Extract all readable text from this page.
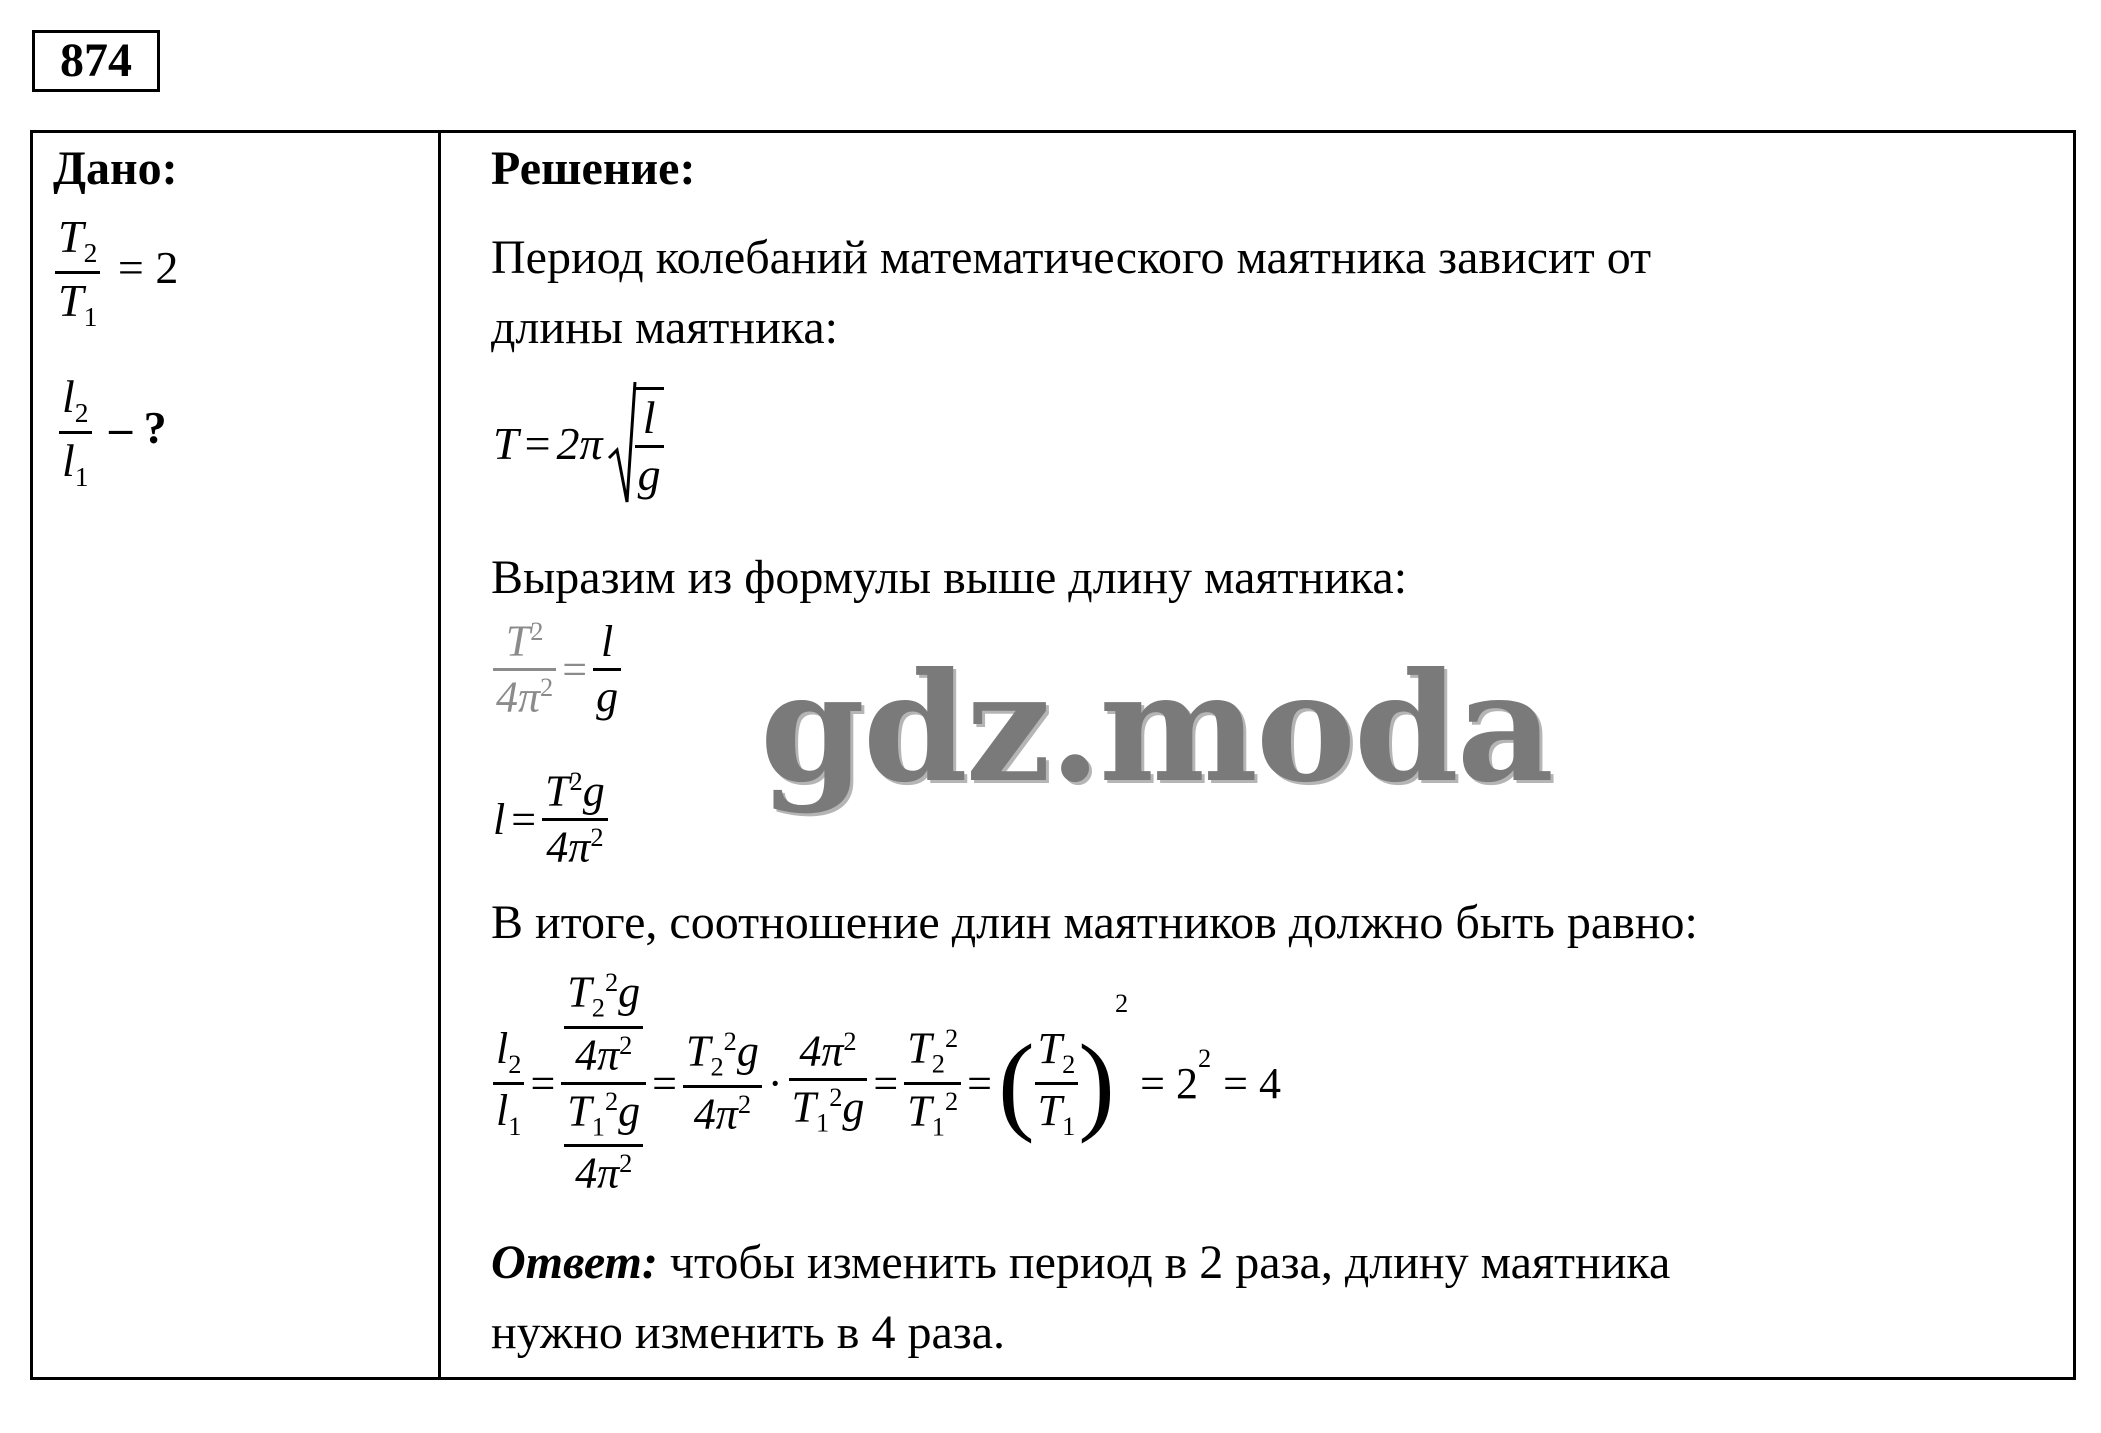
874
Дано:
$\frac{T_2}{T_1} = 2$
$\frac{l_2}{l_1}$ – ?
Решение:
Период колебаний математического маятника зависит от
длины маятника:
$T = 2\pi \frac{l}{g}$
Выразим из формулы выше длину маятника:
$\frac{T^2}{4\pi^2} = \frac{l}{g}$
$l = \frac{T^2g}{4\pi^2}$
В итоге, соотношение длин маятников должно быть равно:
$\frac{l_2}{l_1} = \frac{\frac{T_2^2g}{4\pi^2}}{\frac{T_1^2g}{4\pi^2}} = \frac{T_2^2g}{4\pi^2} \cdot \frac{4\pi^2}{T_1^2g} = \frac{T_2^2}{T_1^2}$ = ( $\frac{T_2}{T_1}$ )
2
= 2
$^2$
= 4
Ответ: чтобы изменить период в 2 раза, длину маятника
нужно изменить в 4 раза.
gdz.moda
